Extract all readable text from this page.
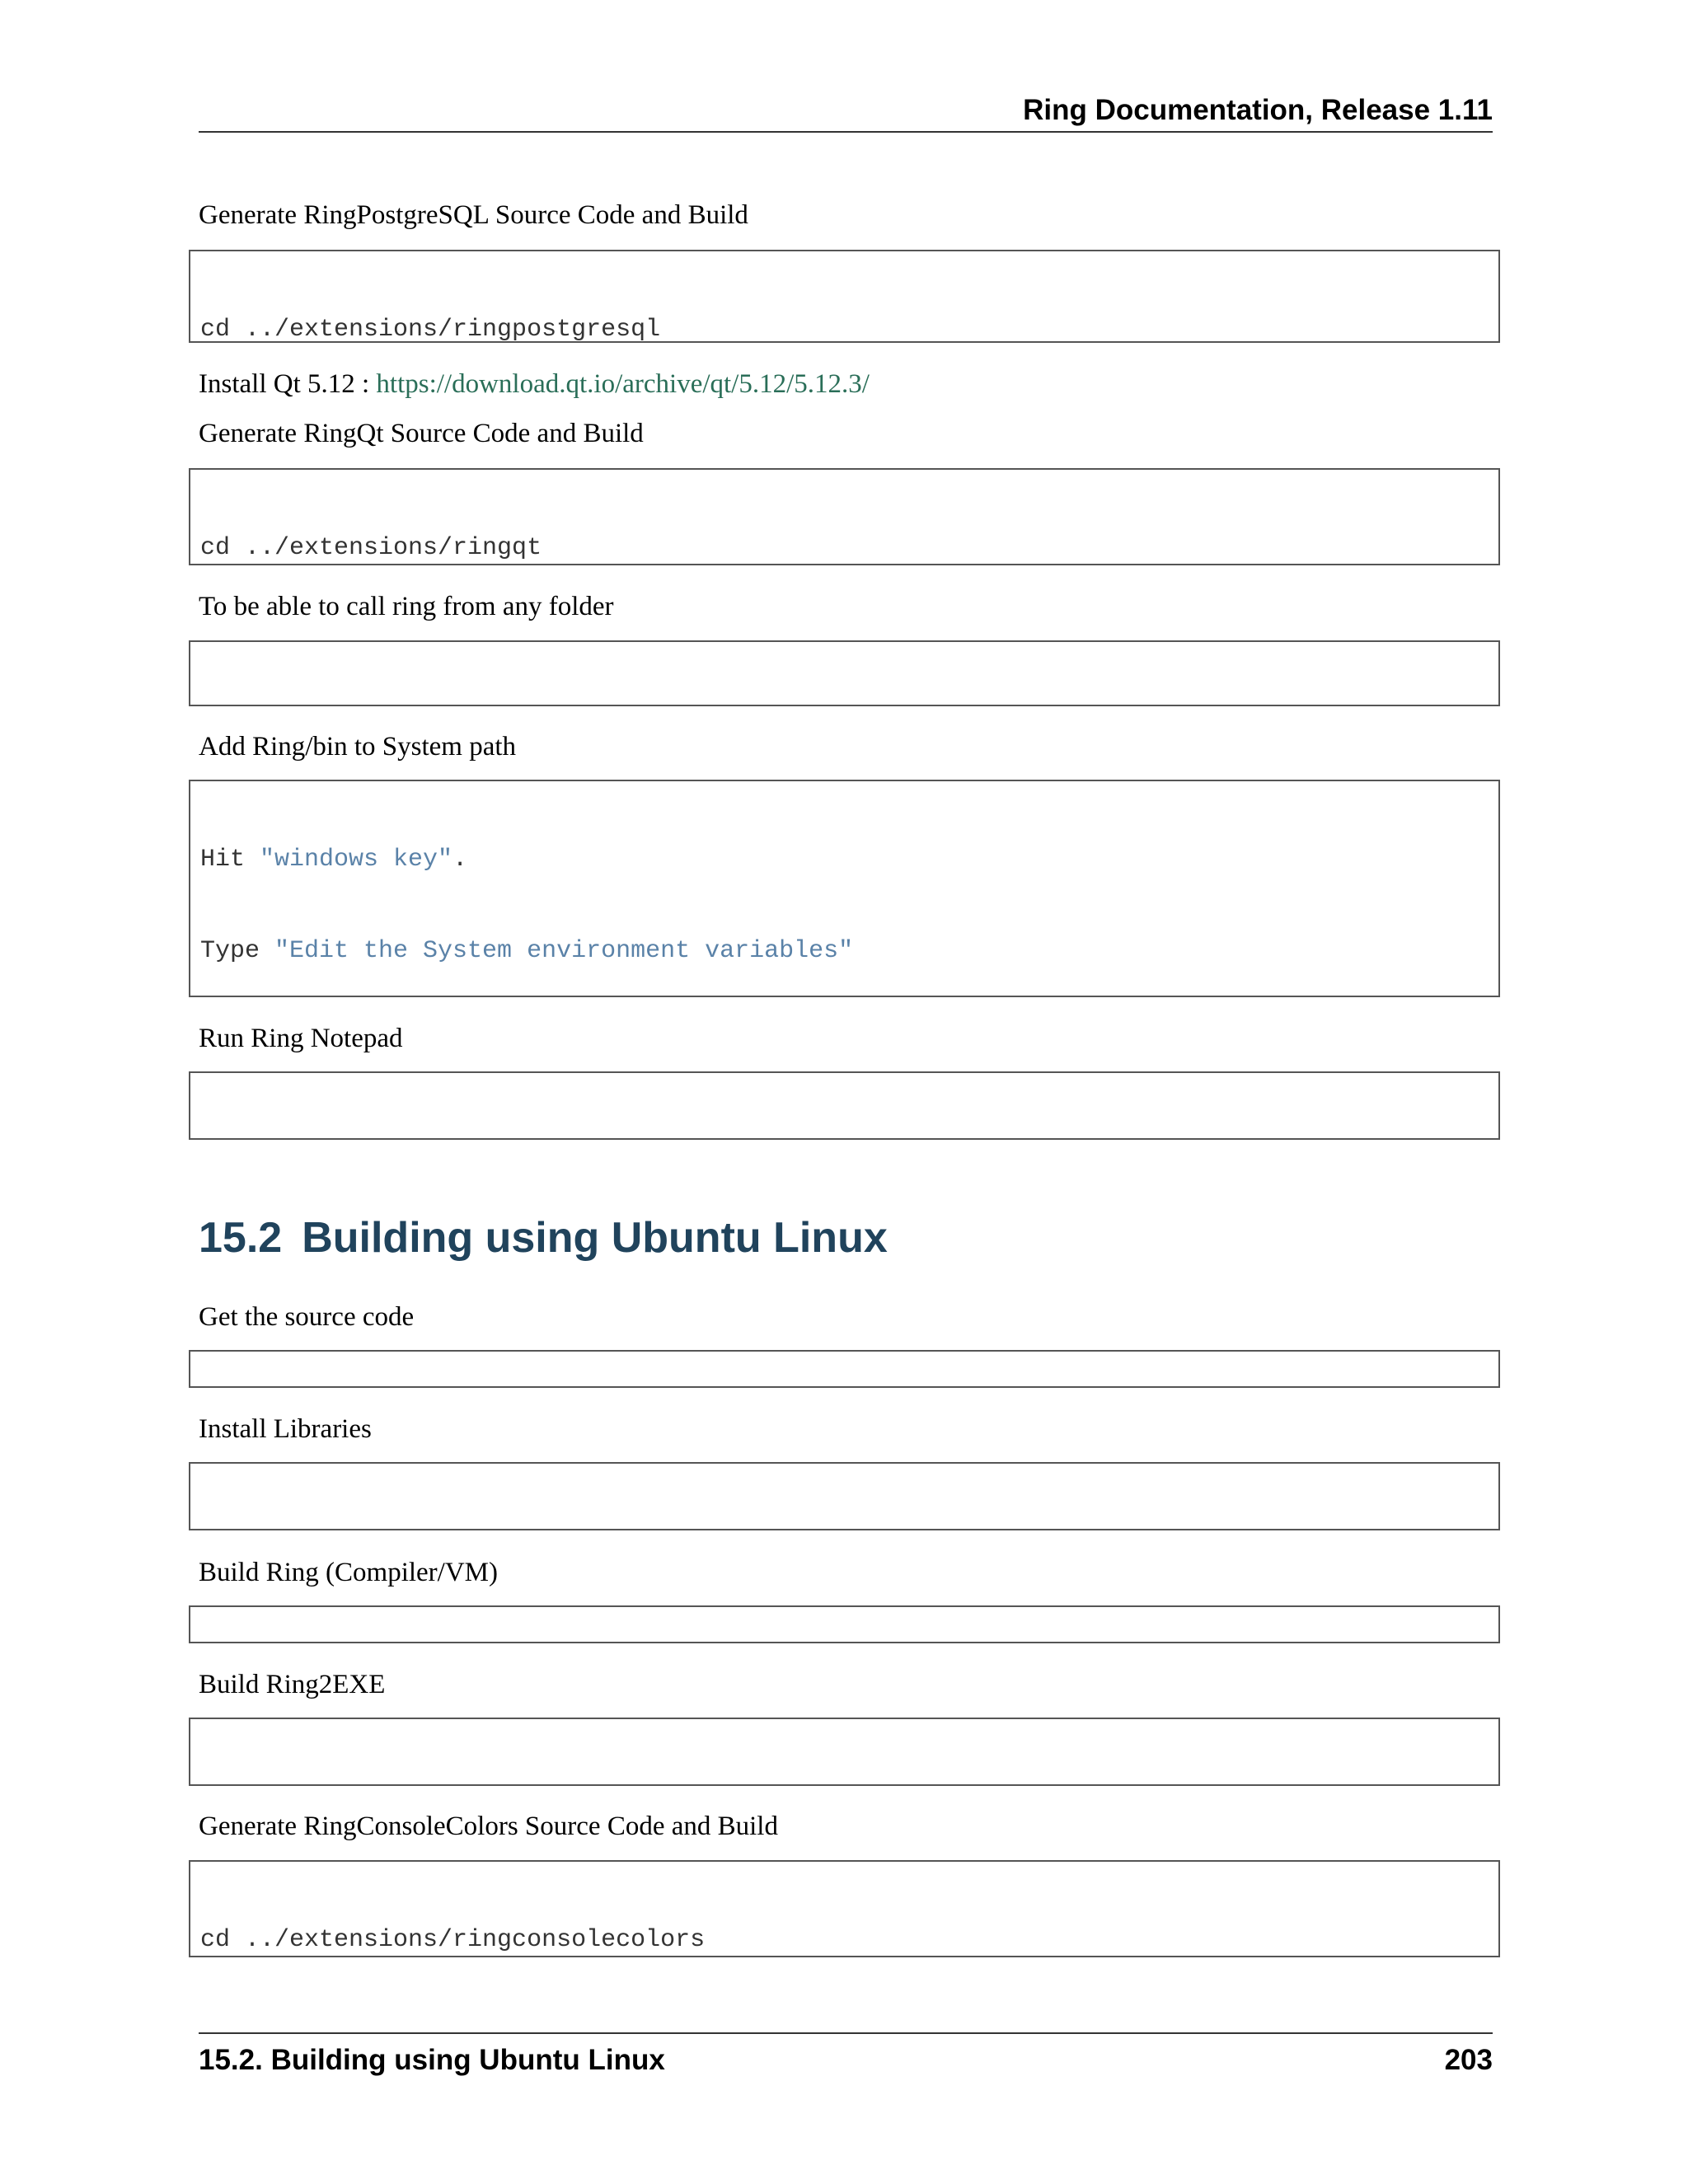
Ring Documentation, Release 1.11
Generate RingPostgreSQL Source Code and Build

cd ../extensions/ringpostgresql

Install Qt 5.12 : https://download.qt.io/archive/qt/5.12/5.12.3/
Generate RingQt Source Code and Build

cd ../extensions/ringqt

To be able to call ring from any folder

Add Ring/bin to System path

Hit "windows key".

Type "Edit the System environment variables"

Run Ring Notepad

15.2 Building using Ubuntu Linux
Get the source code

Install Libraries

Build Ring (Compiler/VM)

Build Ring2EXE

Generate RingConsoleColors Source Code and Build

cd ../extensions/ringconsolecolors

15.2. Building using Ubuntu Linux	203
